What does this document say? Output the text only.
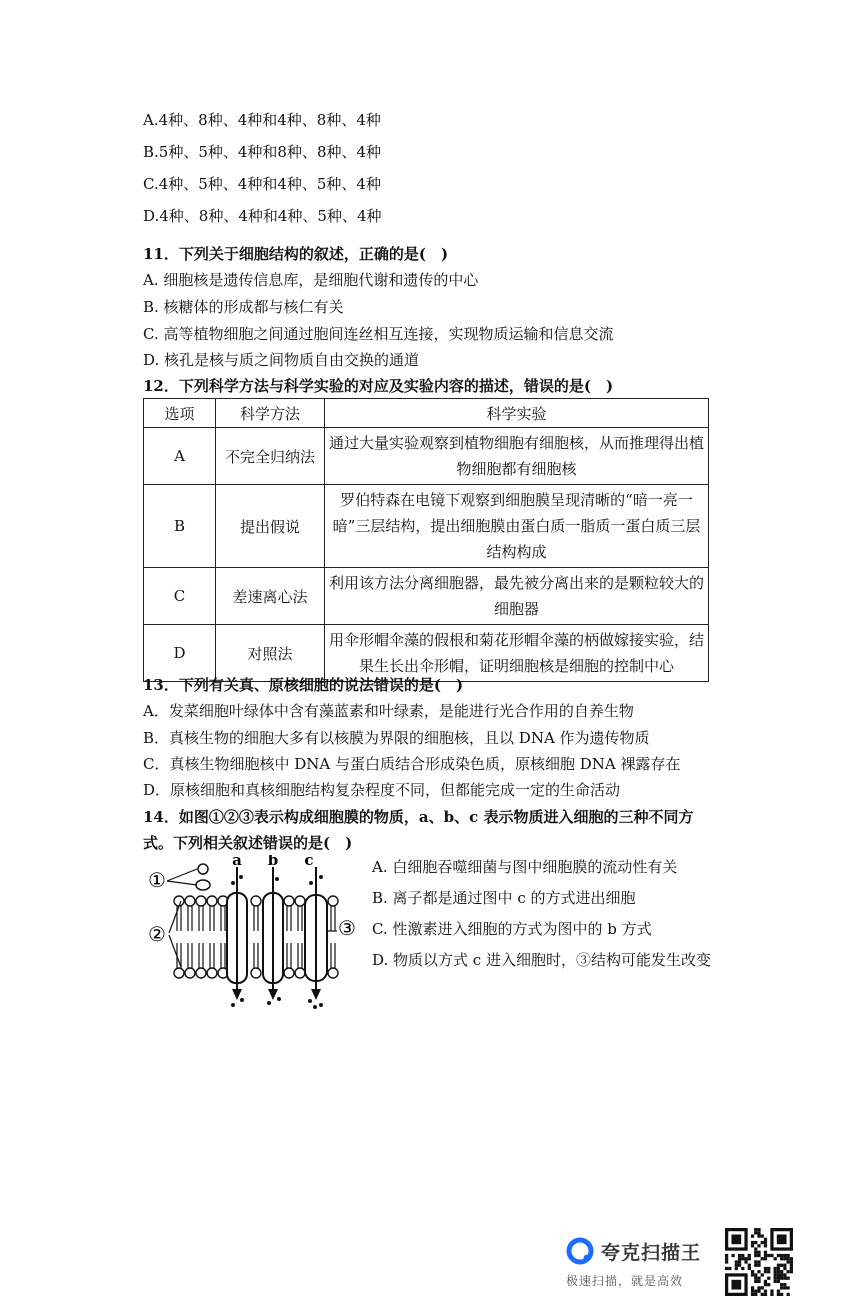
A.4种、8种、4种和4种、8种、4种
B.5种、5种、4种和8种、8种、4种
C.4种、5种、4种和4种、5种、4种
D.4种、8种、4种和4种、5种、4种
11．下列关于细胞结构的叙述，正确的是(　)
A. 细胞核是遗传信息库，是细胞代谢和遗传的中心
B. 核糖体的形成都与核仁有关
C. 高等植物细胞之间通过胞间连丝相互连接，实现物质运输和信息交流
D. 核孔是核与质之间物质自由交换的通道
12．下列科学方法与科学实验的对应及实验内容的描述，错误的是(　)
选项	科学方法	科学实验
A	不完全归纳法	通过大量实验观察到植物细胞有细胞核，从而推理得出植物细胞都有细胞核
B	提出假说	罗伯特森在电镜下观察到细胞膜呈现清晰的“暗一亮一暗”三层结构，提出细胞膜由蛋白质一脂质一蛋白质三层结构构成
C	差速离心法	利用该方法分离细胞器，最先被分离出来的是颗粒较大的细胞器
D	对照法	用伞形帽伞藻的假根和菊花形帽伞藻的柄做嫁接实验，结果生长出伞形帽，证明细胞核是细胞的控制中心
13．下列有关真、原核细胞的说法错误的是(　)
A．发菜细胞叶绿体中含有藻蓝素和叶绿素，是能进行光合作用的自养生物
B．真核生物的细胞大多有以核膜为界限的细胞核，且以 DNA 作为遗传物质
C．真核生物细胞核中 DNA 与蛋白质结合形成染色质，原核细胞 DNA 裸露存在
D．原核细胞和真核细胞结构复杂程度不同，但都能完成一定的生命活动
14．如图①②③表示构成细胞膜的物质，a、b、c 表示物质进入细胞的三种不同方
式。下列相关叙述错误的是(　)
A. 白细胞吞噬细菌与图中细胞膜的流动性有关
B. 离子都是通过图中 c 的方式进出细胞
C. 性激素进入细胞的方式为图中的 b 方式
D. 物质以方式 c 进入细胞时，③结构可能发生改变
a b c
①
②	③
夸克扫描王
极速扫描，就是高效
